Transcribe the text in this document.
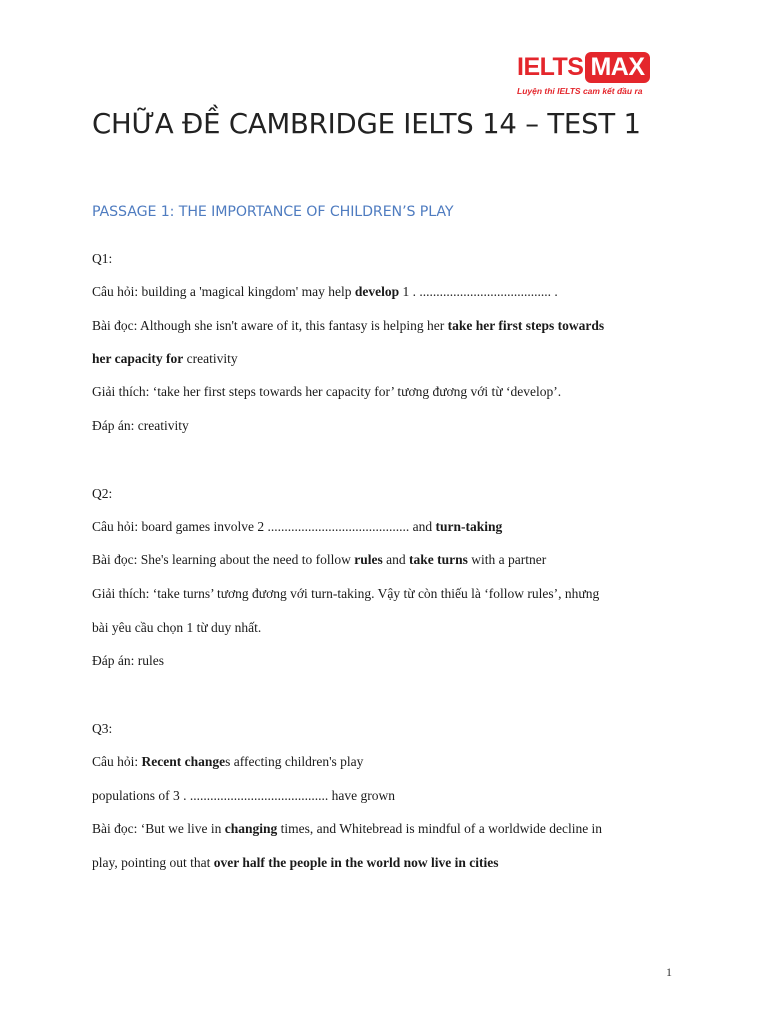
IELTS MAX
Luyện thi IELTS cam kết đầu ra
CHỮA ĐỀ CAMBRIDGE IELTS 14 – TEST 1
PASSAGE 1: THE IMPORTANCE OF CHILDREN’S PLAY
Q1:
Câu hỏi: building a 'magical kingdom' may help develop 1 . ....................................... .
Bài đọc: Although she isn't aware of it, this fantasy is helping her take her first steps towards
her capacity for creativity
Giải thích: ‘take her first steps towards her capacity for’ tương đương với từ ‘develop’.
Đáp án: creativity
Q2:
Câu hỏi: board games involve 2 .......................................... and turn-taking
Bài đọc: She's learning about the need to follow rules and take turns with a partner
Giải thích: ‘take turns’ tương đương với turn-taking. Vậy từ còn thiếu là ‘follow rules’, nhưng
bài yêu cầu chọn 1 từ duy nhất.
Đáp án: rules
Q3:
Câu hỏi: Recent changes affecting children's play
populations of 3 . ......................................... have grown
Bài đọc: ‘But we live in changing times, and Whitebread is mindful of a worldwide decline in
play, pointing out that over half the people in the world now live in cities
1
